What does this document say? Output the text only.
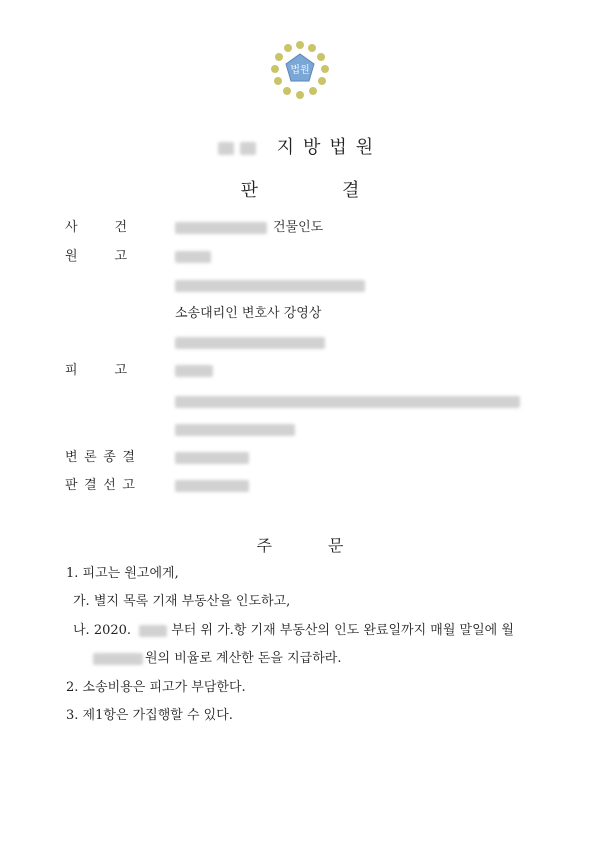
법원
지방법원
판	결
사	건	건물인도
원	고
소송대리인 변호사 강영상
피	고
변 론 종 결
판 결 선 고
주	문
1. 피고는 원고에게,
가. 별지 목록 기재 부동산을 인도하고,
나. 2020.	부터 위 가.항 기재 부동산의 인도 완료일까지 매월 말일에 월
원의 비율로 계산한 돈을 지급하라.
2. 소송비용은 피고가 부담한다.
3. 제1항은 가집행할 수 있다.
